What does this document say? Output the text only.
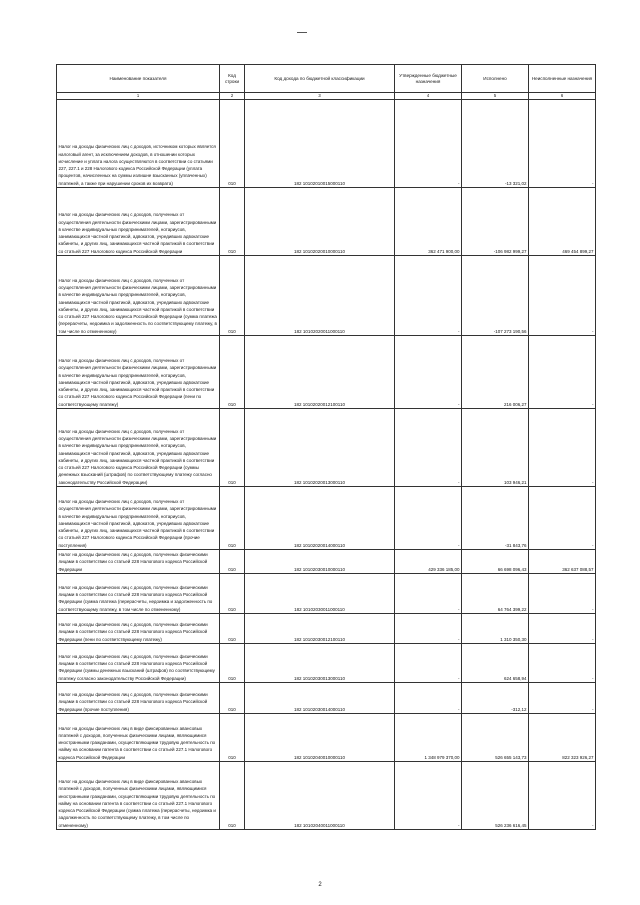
Наименование показателя	Код строки	Код дохода по бюджетной классификации	Утвержденные бюджетные назначения	Исполнено	Неисполненные назначения
1	2	3	4	5	6
Налог на доходы физических лиц с доходов, источником которых является налоговый агент, за исключением доходов, в отношении которых исчисление и уплата налога осуществляются в соответствии со статьями 227, 227.1 и 228 Налогового кодекса Российской Федерации (уплата процентов, начисленных на суммы излишне взысканных (уплаченных) платежей, а также при нарушении сроков их возврата)	010	182 10102010015000110	-	-13 321,02	-
Налог на доходы физических лиц с доходов, полученных от осуществления деятельности физическими лицами, зарегистрированными в качестве индивидуальных предпринимателей, нотариусов, занимающихся частной практикой, адвокатов, учредивших адвокатские кабинеты, и других лиц, занимающихся частной практикой в соответствии со статьей 227 Налогового кодекса Российской Федерации	010	182 10102020010000110	362 471 900,00	-106 982 999,27	469 454 899,27
Налог на доходы физических лиц с доходов, полученных от осуществления деятельности физическими лицами, зарегистрированными в качестве индивидуальных предпринимателей, нотариусов, занимающихся частной практикой, адвокатов, учредивших адвокатские кабинеты, и других лиц, занимающихся частной практикой в соответствии со статьей 227 Налогового кодекса Российской Федерации (сумма платежа (перерасчеты, недоимка и задолженность по соответствующему платежу, в том числе по отмененному)	010	182 10102020011000110	-	-107 273 190,56	-
Налог на доходы физических лиц с доходов, полученных от осуществления деятельности физическими лицами, зарегистрированными в качестве индивидуальных предпринимателей, нотариусов, занимающихся частной практикой, адвокатов, учредивших адвокатские кабинеты, и других лиц, занимающихся частной практикой в соответствии со статьей 227 Налогового кодекса Российской Федерации (пени по соответствующему платежу)	010	182 10102020012100110	-	216 006,27	-
Налог на доходы физических лиц с доходов, полученных от осуществления деятельности физическими лицами, зарегистрированными в качестве индивидуальных предпринимателей, нотариусов, занимающихся частной практикой, адвокатов, учредивших адвокатские кабинеты, и других лиц, занимающихся частной практикой в соответствии со статьей 227 Налогового кодекса Российской Федерации (суммы денежных взысканий (штрафов) по соответствующему платежу согласно законодательству Российской Федерации)	010	182 10102020013000110	-	103 946,21	-
Налог на доходы физических лиц с доходов, полученных от осуществления деятельности физическими лицами, зарегистрированными в качестве индивидуальных предпринимателей, нотариусов, занимающихся частной практикой, адвокатов, учредивших адвокатские кабинеты, и других лиц, занимающихся частной практикой в соответствии со статьей 227 Налогового кодекса Российской Федерации (прочие поступления)	010	182 10102020014000110	-	-31 843,76	-
Налог на доходы физических лиц с доходов, полученных физическими лицами в соответствии со статьей 228 Налогового кодекса Российской Федерации	010	182 10102030010000110	429 336 185,00	66 698 096,43	362 637 088,57
Налог на доходы физических лиц с доходов, полученных физическими лицами в соответствии со статьей 228 Налогового кодекса Российской Федерации (сумма платежа (перерасчеты, недоимка и задолженность по соответствующему платежу, в том числе по отмененному)	010	182 10102030011000110	-	64 764 399,22	-
Налог на доходы физических лиц с доходов, полученных физическими лицами в соответствии со статьей 228 Налогового кодекса Российской Федерации (пени по соответствующему платежу)	010	182 10102030012100110	-	1 310 350,30	-
Налог на доходы физических лиц с доходов, полученных физическими лицами в соответствии со статьей 228 Налогового кодекса Российской Федерации (суммы денежных взысканий (штрафов) по соответствующему платежу согласно законодательству Российской Федерации)	010	182 10102030013000110	-	624 658,94	-
Налог на доходы физических лиц с доходов, полученных физическими лицами в соответствии со статьей 228 Налогового кодекса Российской Федерации (прочие поступления)	010	182 10102030014000110	-	-312,12	-
Налог на доходы физических лиц в виде фиксированных авансовых платежей с доходов, полученных физическими лицами, являющимися иностранными гражданами, осуществляющими трудовую деятельность по найму на основании патента в соответствии со статьей 227.1 Налогового кодекса Российской Федерации	010	182 10102040010000110	1 348 979 370,00	526 655 143,73	822 323 926,27
Налог на доходы физических лиц в виде фиксированных авансовых платежей с доходов, полученных физическими лицами, являющимися иностранными гражданами, осуществляющими трудовую деятельность по найму на основании патента в соответствии со статьей 227.1 Налогового кодекса Российской Федерации (сумма платежа (перерасчеты, недоимка и задолженность по соответствующему платежу, в том числе по отмененному)	010	182 10102040011000110	-	526 236 616,45	-
2
